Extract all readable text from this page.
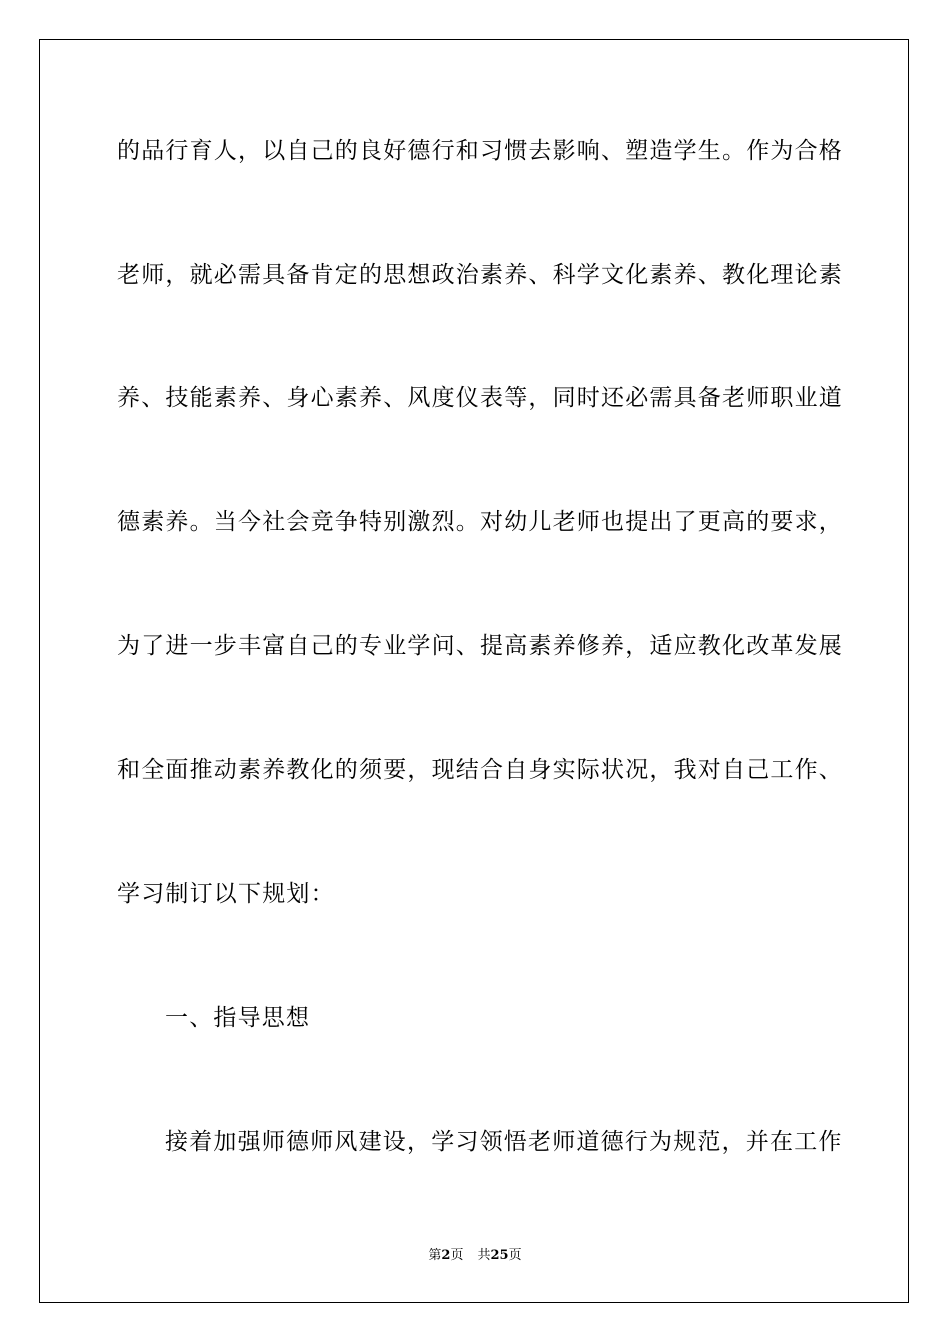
的品行育人，以自己的良好德行和习惯去影响、塑造学生。作为合格
老师，就必需具备肯定的思想政治素养、科学文化素养、教化理论素
养、技能素养、身心素养、风度仪表等，同时还必需具备老师职业道
德素养。当今社会竞争特别激烈。对幼儿老师也提出了更高的要求，
为了进一步丰富自己的专业学问、提高素养修养，适应教化改革发展
和全面推动素养教化的须要，现结合自身实际状况，我对自己工作、
学习制订以下规划：
一、指导思想
接着加强师德师风建设，学习领悟老师道德行为规范，并在工作
第2页 共25页
